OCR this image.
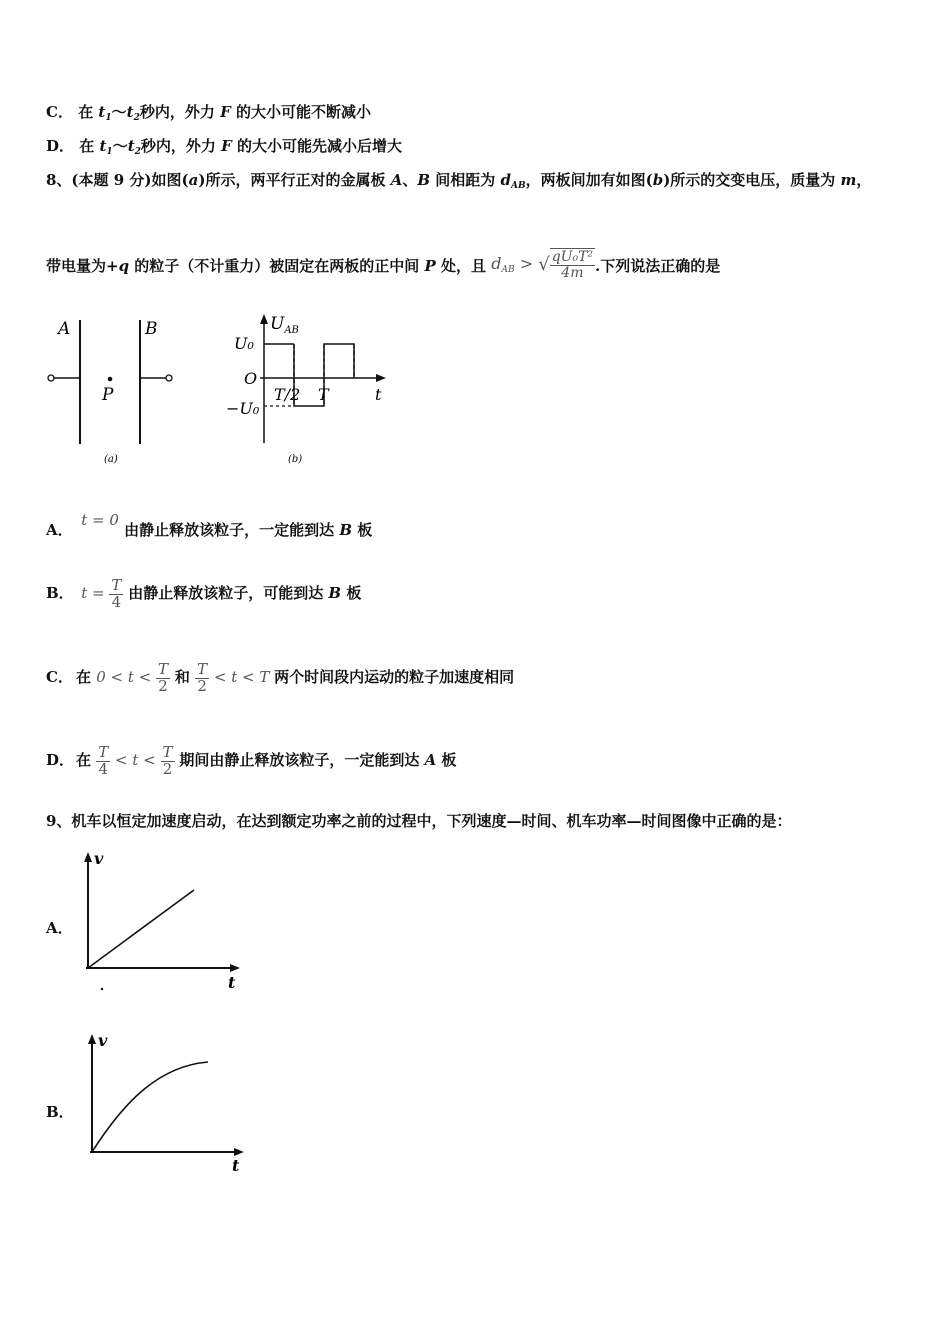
C． 在 $t_1\sim t_2$秒内，外力 F 的大小可能不断减小
D． 在 $t_1\sim t_2$秒内，外力 F 的大小可能先减小后增大
8、(本题 9 分)如图(a)所示，两平行正对的金属板 A、B 间相距为 $d_{AB}$，两板间加有如图(b)所示的交变电压，质量为 m，
带电量为+q 的粒子（不计重力）被固定在两板的正中间 P 处，且 dAB > √ $\frac{\text{qU₀T²}}{4m}$ .下列说法正确的是
A	B
P
(a)
$U_{AB}$
U₀
O
T/2 T	t
−U₀
(b)
A． t = 0 由静止释放该粒子，一定能到达 B 板
B． $t = \frac{T}{4}$ 由静止释放该粒子，可能到达 B 板
C． 在 $0 < t < \frac{T}{2}$ 和 $\frac{T}{2} < t < T$ 两个时间段内运动的粒子加速度相同
D． 在 $\frac{T}{4} < t < \frac{T}{2}$ 期间由静止释放该粒子，一定能到达 A 板
9、机车以恒定加速度启动，在达到额定功率之前的过程中，下列速度—时间、机车功率—时间图像中正确的是：
A．
v
t
B．
v
t
